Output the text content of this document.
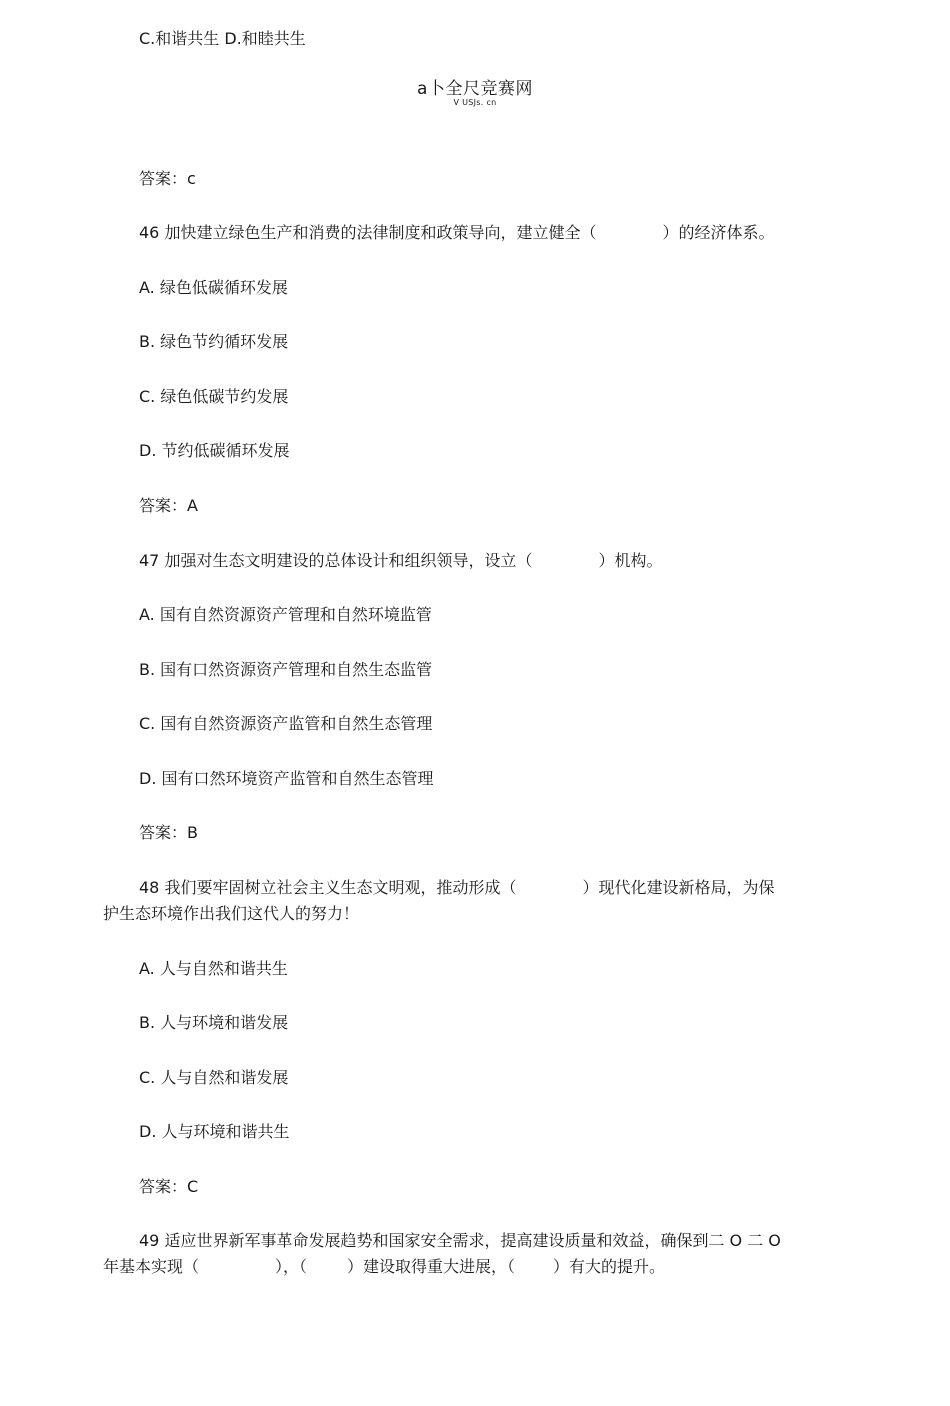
C.和谐共生 D.和睦共生

a卜全尺竞赛网
V USJs. cn

答案：c

46 加快建立绿色生产和消费的法律制度和政策导向，建立健全（	）的经济体系。

A. 绿色低碳循环发展

B. 绿色节约循环发展

C. 绿色低碳节约发展

D. 节约低碳循环发展

答案：A

47 加强对生态文明建设的总体设计和组织领导，设立（	）机构。

A. 国有自然资源资产管理和自然环境监管

B. 国有口然资源资产管理和自然生态监管

C. 国有自然资源资产监管和自然生态管理

D. 国有口然环境资产监管和自然生态管理

答案：B

48 我们要牢固树立社会主义生态文明观，推动形成（	）现代化建设新格局，为保

护生态环境作出我们这代人的努力！

A. 人与自然和谐共生

B. 人与环境和谐发展

C. 人与自然和谐发展

D. 人与环境和谐共生

答案：C

49 适应世界新军事革命发展趋势和国家安全需求，提高建设质量和效益，确保到二 O 二 O

年基本实现（	），（	）建设取得重大进展，（ ）有大的提升。
